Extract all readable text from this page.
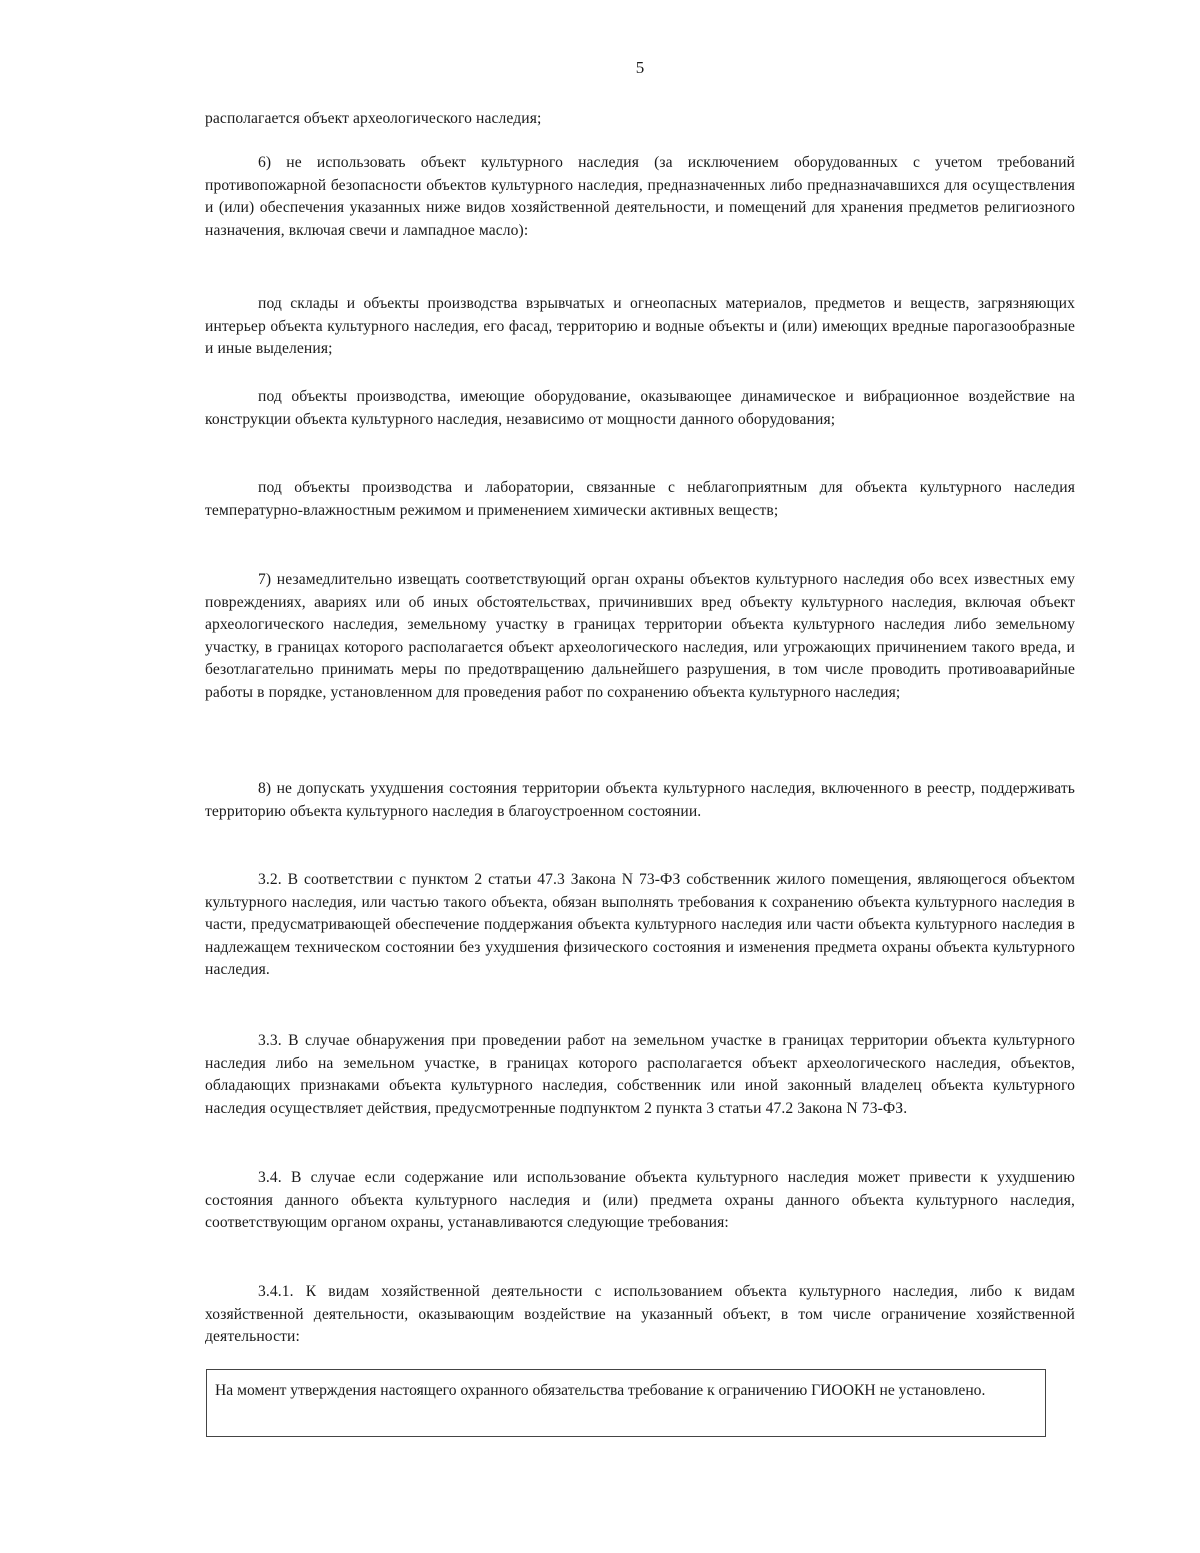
5
располагается объект археологического наследия;
6) не использовать объект культурного наследия (за исключением оборудованных с учетом требований противопожарной безопасности объектов культурного наследия, предназначенных либо предназначавшихся для осуществления и (или) обеспечения указанных ниже видов хозяйственной деятельности, и помещений для хранения предметов религиозного назначения, включая свечи и лампадное масло):
под склады и объекты производства взрывчатых и огнеопасных материалов, предметов и веществ, загрязняющих интерьер объекта культурного наследия, его фасад, территорию и водные объекты и (или) имеющих вредные парогазообразные и иные выделения;
под объекты производства, имеющие оборудование, оказывающее динамическое и вибрационное воздействие на конструкции объекта культурного наследия, независимо от мощности данного оборудования;
под объекты производства и лаборатории, связанные с неблагоприятным для объекта культурного наследия температурно-влажностным режимом и применением химически активных веществ;
7) незамедлительно извещать соответствующий орган охраны объектов культурного наследия обо всех известных ему повреждениях, авариях или об иных обстоятельствах, причинивших вред объекту культурного наследия, включая объект археологического наследия, земельному участку в границах территории объекта культурного наследия либо земельному участку, в границах которого располагается объект археологического наследия, или угрожающих причинением такого вреда, и безотлагательно принимать меры по предотвращению дальнейшего разрушения, в том числе проводить противоаварийные работы в порядке, установленном для проведения работ по сохранению объекта культурного наследия;
8) не допускать ухудшения состояния территории объекта культурного наследия, включенного в реестр, поддерживать территорию объекта культурного наследия в благоустроенном состоянии.
3.2. В соответствии с пунктом 2 статьи 47.3 Закона N 73-ФЗ собственник жилого помещения, являющегося объектом культурного наследия, или частью такого объекта, обязан выполнять требования к сохранению объекта культурного наследия в части, предусматривающей обеспечение поддержания объекта культурного наследия или части объекта культурного наследия в надлежащем техническом состоянии без ухудшения физического состояния и изменения предмета охраны объекта культурного наследия.
3.3. В случае обнаружения при проведении работ на земельном участке в границах территории объекта культурного наследия либо на земельном участке, в границах которого располагается объект археологического наследия, объектов, обладающих признаками объекта культурного наследия, собственник или иной законный владелец объекта культурного наследия осуществляет действия, предусмотренные подпунктом 2 пункта 3 статьи 47.2 Закона N 73-ФЗ.
3.4. В случае если содержание или использование объекта культурного наследия может привести к ухудшению состояния данного объекта культурного наследия и (или) предмета охраны данного объекта культурного наследия, соответствующим органом охраны, устанавливаются следующие требования:
3.4.1. К видам хозяйственной деятельности с использованием объекта культурного наследия, либо к видам хозяйственной деятельности, оказывающим воздействие на указанный объект, в том числе ограничение хозяйственной деятельности:
На момент утверждения настоящего охранного обязательства требование к ограничению ГИООКН не установлено.
